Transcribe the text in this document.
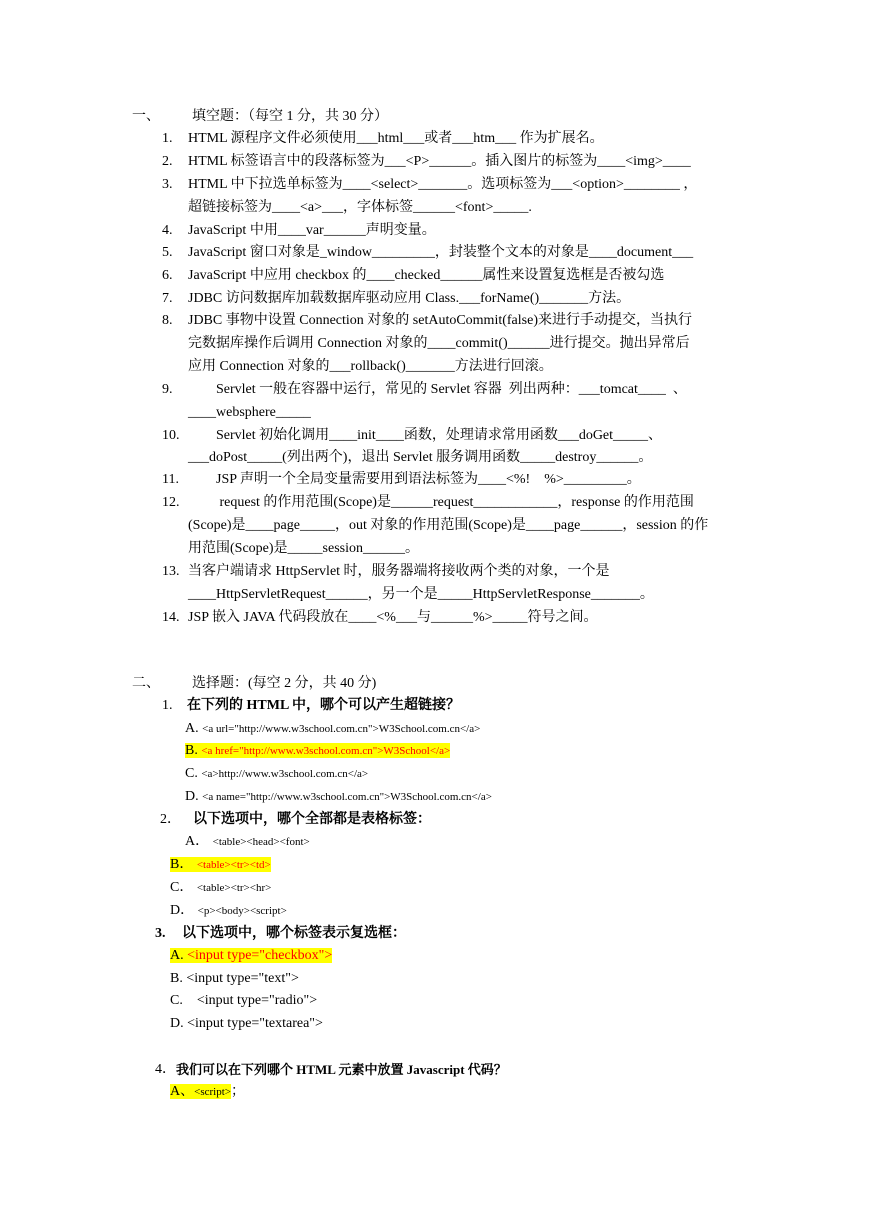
一、 填空题：（每空 1 分，共 30 分）
1. HTML 源程序文件必须使用___html___或者___htm___ 作为扩展名。
2. HTML 标签语言中的段落标签为___<P>______。插入图片的标签为____<img>____
3. HTML 中下拉选单标签为____<select>_______。选项标签为___<option>________ ，
超链接标签为____<a>___，字体标签______<font>_____.
4. JavaScript 中用____var______声明变量。
5. JavaScript 窗口对象是_window_________，封装整个文本的对象是____document___
6. JavaScript 中应用 checkbox 的____checked______属性来设置复选框是否被勾选
7. JDBC 访问数据库加载数据库驱动应用 Class.___forName()_______方法。
8. JDBC 事物中设置 Connection 对象的 setAutoCommit(false)来进行手动提交，当执行
完数据库操作后调用 Connection 对象的____commit()______进行提交。抛出异常后
应用 Connection 对象的___rollback()_______方法进行回滚。
9. Servlet 一般在容器中运行，常见的 Servlet 容器  列出两种：___tomcat____  、
____websphere_____
10. Servlet 初始化调用____init____函数，处理请求常用函数___doGet_____、
___doPost_____(列出两个)，退出 Servlet 服务调用函数_____destroy______。
11. JSP 声明一个全局变量需要用到语法标签为____<%!    %>_________。
12. request 的作用范围(Scope)是______request____________，response 的作用范围
(Scope)是____page_____，out 对象的作用范围(Scope)是____page______，session 的作
用范围(Scope)是_____session______。
13. 当客户端请求 HttpServlet 时，服务器端将接收两个类的对象，一个是
____HttpServletRequest______，另一个是_____HttpServletResponse_______。
14. JSP 嵌入 JAVA 代码段放在____<%___与______%>_____符号之间。
二、 选择题：(每空 2 分，共 40 分)
1. 在下列的 HTML 中，哪个可以产生超链接？
A. <a url="http://www.w3school.com.cn">W3School.com.cn</a>
B. <a href="http://www.w3school.com.cn">W3School</a>
C. <a>http://www.w3school.com.cn</a>
D. <a name="http://www.w3school.com.cn">W3School.com.cn</a>
2． 以下选项中，哪个全部都是表格标签：
A． <table><head><font>
B． <table><tr><td>
C． <table><tr><hr>
D． <p><body><script>
3. 以下选项中，哪个标签表示复选框：
A. <input type="checkbox">
B. <input type="text">
C.    <input type="radio">
D. <input type="textarea">
4． 我们可以在下列哪个 HTML 元素中放置 Javascript 代码？
A、<script>；
